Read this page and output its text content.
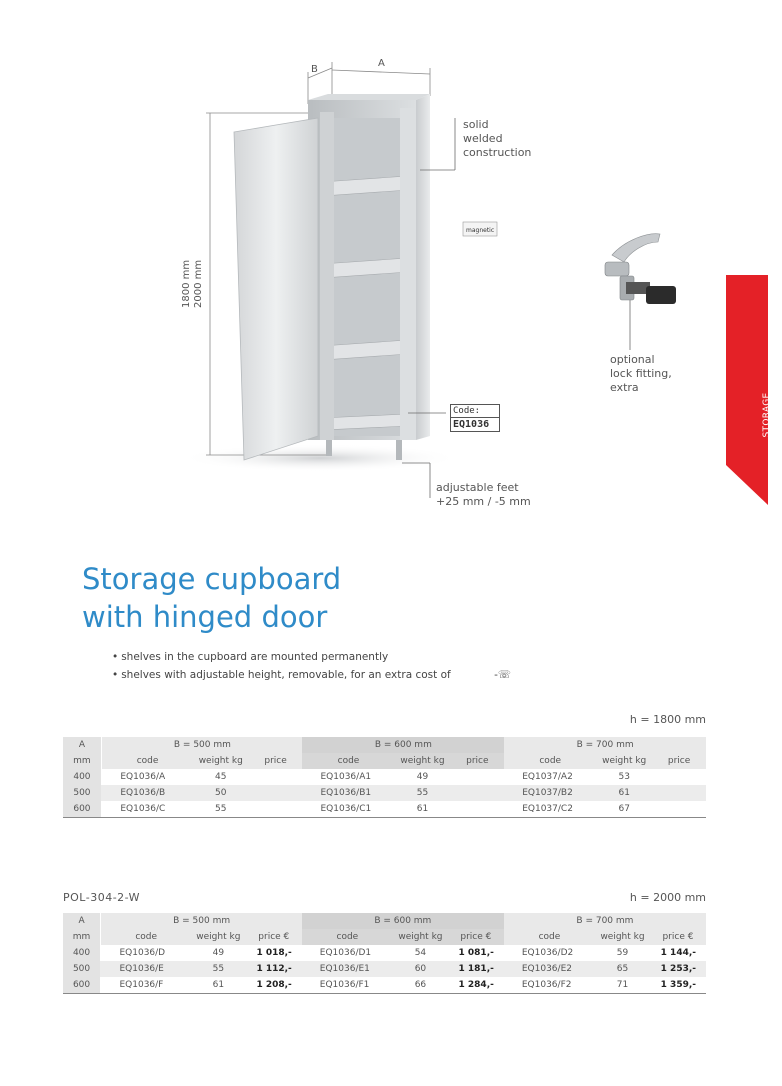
B
A
1800 mm 2000 mm
magnetic
solid
welded
construction
optional
lock fitting,
extra
adjustable feet
+25 mm / -5 mm
Code:
EQ1036	STORAGE
CUPBOARDS
Storage cupboard
with hinged door
• shelves in the cupboard are mounted permanently
• shelves with adjustable height, removable, for an extra cost of	-☏
h = 1800 mm
A		B = 500 mm			B = 600 mm			B = 700 mm		
mm		code	weight kg	price	code	weight kg	price	code	weight kg	price
400		EQ1036/A	45		EQ1036/A1	49		EQ1037/A2	53	
500		EQ1036/B	50		EQ1036/B1	55		EQ1037/B2	61	
600		EQ1036/C	55		EQ1036/C1	61		EQ1037/C2	67	
POL-304-2-W	h = 2000 mm
A		B = 500 mm			B = 600 mm			B = 700 mm		
mm		code	weight kg	price €	code	weight kg	price €	code	weight kg	price €
400		EQ1036/D	49	1 018,-	EQ1036/D1	54	1 081,-	EQ1036/D2	59	1 144,-
500		EQ1036/E	55	1 112,-	EQ1036/E1	60	1 181,-	EQ1036/E2	65	1 253,-
600		EQ1036/F	61	1 208,-	EQ1036/F1	66	1 284,-	EQ1036/F2	71	1 359,-
